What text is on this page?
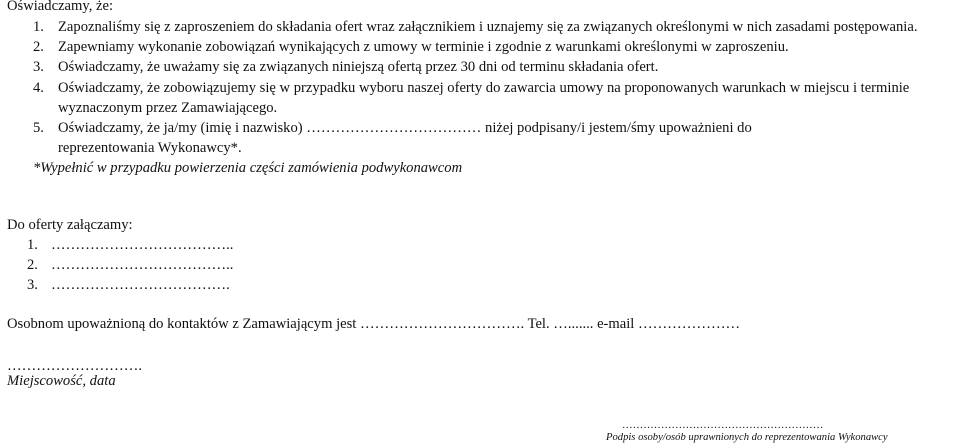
Oświadczamy, że:
1. Zapoznaliśmy się z zaproszeniem do składania ofert wraz załącznikiem i uznajemy się za związanych określonymi w nich zasadami postępowania.
2. Zapewniamy wykonanie zobowiązań wynikających z umowy w terminie i zgodnie z warunkami określonymi w zaproszeniu.
3. Oświadczamy, że uważamy się za związanych niniejszą ofertą przez 30 dni od terminu składania ofert.
4. Oświadczamy, że zobowiązujemy się w przypadku wyboru naszej oferty do zawarcia umowy na proponowanych warunkach w miejscu i terminie
wyznaczonym przez Zamawiającego.
5. Oświadczamy, że ja/my (imię i nazwisko) ……………………………… niżej podpisany/i jestem/śmy upoważnieni do
reprezentowania Wykonawcy*.
*Wypełnić w przypadku powierzenia części zamówienia podwykonawcom
Do oferty załączamy:
1. ………………………………..
2. ………………………………..
3. ……………………………….
Osobnom upoważnioną do kontaktów z Zamawiającym jest ……………………………. Tel. …....... e-mail …………………
……………………….
Miejscowość, data
…………………………………………………
Podpis osoby/osób uprawnionych do reprezentowania Wykonawcy
